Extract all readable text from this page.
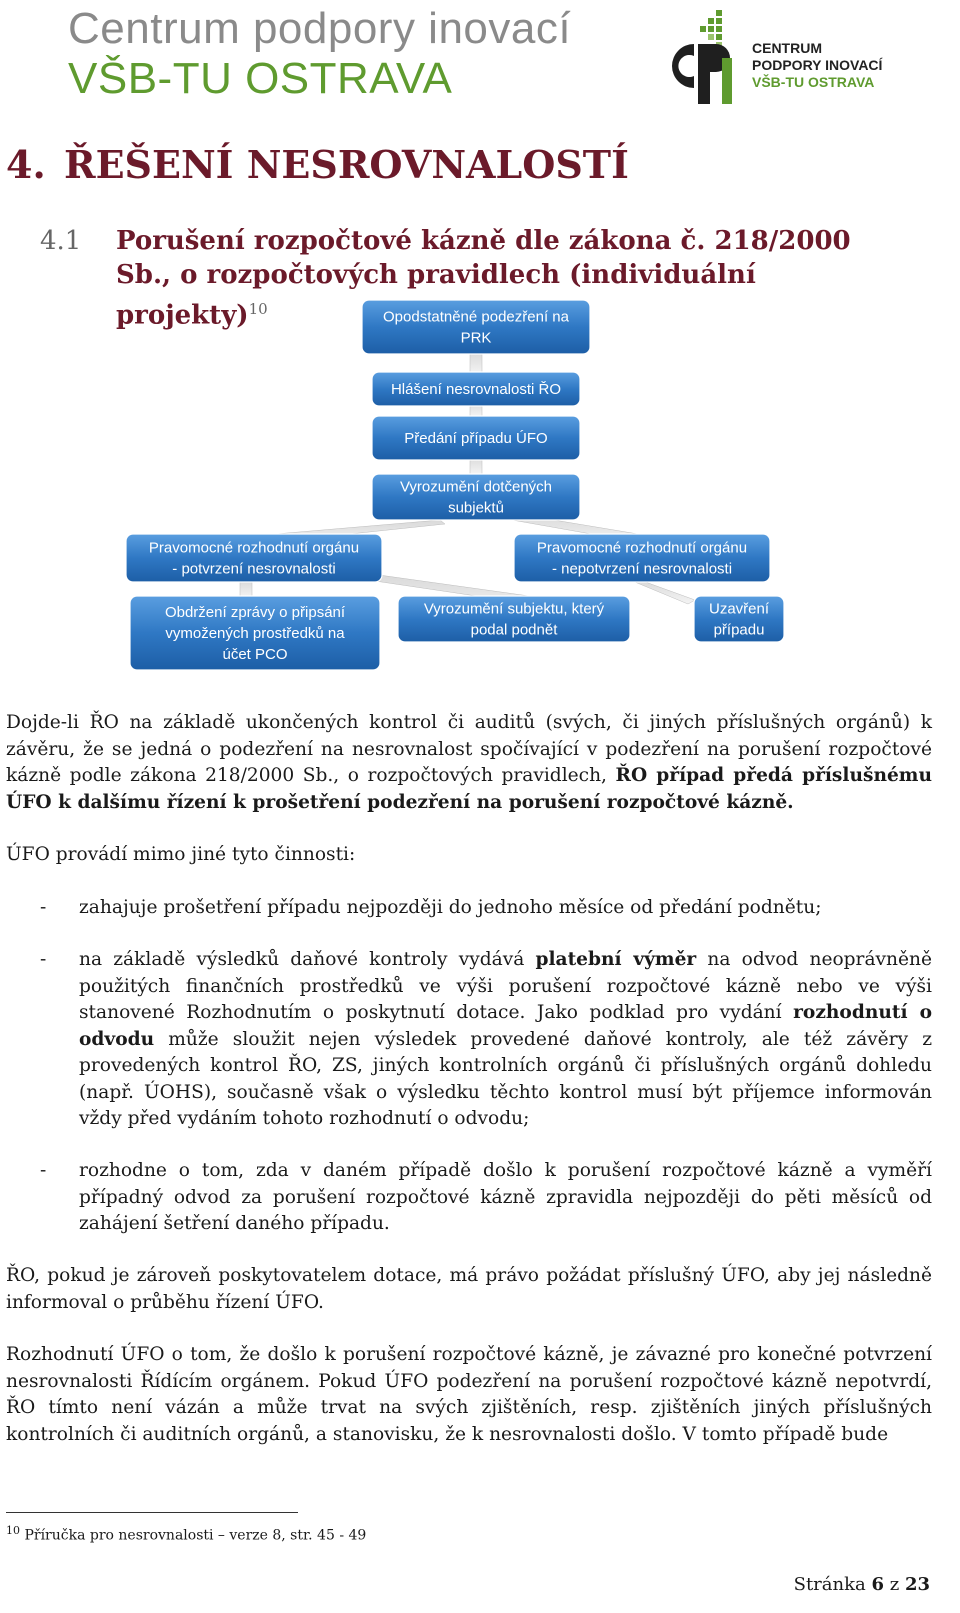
Centrum podpory inovací
VŠB-TU OSTRAVA
CENTRUM
PODPORY INOVACÍ
VŠB-TU OSTRAVA
4. ŘEŠENÍ NESROVNALOSTÍ
4.1 Porušení rozpočtové kázně dle zákona č. 218/2000 Sb., o rozpočtových pravidlech (individuální projekty)$^{10}$	Opodstatněné podezření na
PRK
Hlášení nesrovnalosti ŘO
Předání případu ÚFO
Vyrozumění dotčených
subjektů
Pravomocné rozhodnutí orgánu
- potvrzení nesrovnalosti
Pravomocné rozhodnutí orgánu
- nepotvrzení nesrovnalosti
Obdržení zprávy o připsání
vymožených prostředků na
účet PCO
Vyrozumění subjektu, který
podal podnět
Uzavření
případu
Dojde-li ŘO na základě ukončených kontrol či auditů (svých, či jiných příslušných orgánů) k závěru, že se jedná o podezření na nesrovnalost spočívající v podezření na porušení rozpočtové kázně podle zákona 218/2000 Sb., o rozpočtových pravidlech, ŘO případ předá příslušnému ÚFO k dalšímu řízení k prošetření podezření na porušení rozpočtové kázně.
ÚFO provádí mimo jiné tyto činnosti:
- zahajuje prošetření případu nejpozději do jednoho měsíce od předání podnětu;
- na základě výsledků daňové kontroly vydává platební výměr na odvod neoprávněně použitých finančních prostředků ve výši porušení rozpočtové kázně nebo ve výši stanovené Rozhodnutím o poskytnutí dotace. Jako podklad pro vydání rozhodnutí o odvodu může sloužit nejen výsledek provedené daňové kontroly, ale též závěry z provedených kontrol ŘO, ZS, jiných kontrolních orgánů či příslušných orgánů dohledu (např. ÚOHS), současně však o výsledku těchto kontrol musí být příjemce informován vždy před vydáním tohoto rozhodnutí o odvodu;
- rozhodne o tom, zda v daném případě došlo k porušení rozpočtové kázně a vyměří případný odvod za porušení rozpočtové kázně zpravidla nejpozději do pěti měsíců od zahájení šetření daného případu.
ŘO, pokud je zároveň poskytovatelem dotace, má právo požádat příslušný ÚFO, aby jej následně informoval o průběhu řízení ÚFO.
Rozhodnutí ÚFO o tom, že došlo k porušení rozpočtové kázně, je závazné pro konečné potvrzení nesrovnalosti Řídícím orgánem. Pokud ÚFO podezření na porušení rozpočtové kázně nepotvrdí, ŘO tímto není vázán a může trvat na svých zjištěních, resp. zjištěních jiných příslušných kontrolních či auditních orgánů, a stanovisku, že k nesrovnalosti došlo. V tomto případě bude
$^{10}$ Příručka pro nesrovnalosti – verze 8, str. 45 - 49
Stránka 6 z 23
